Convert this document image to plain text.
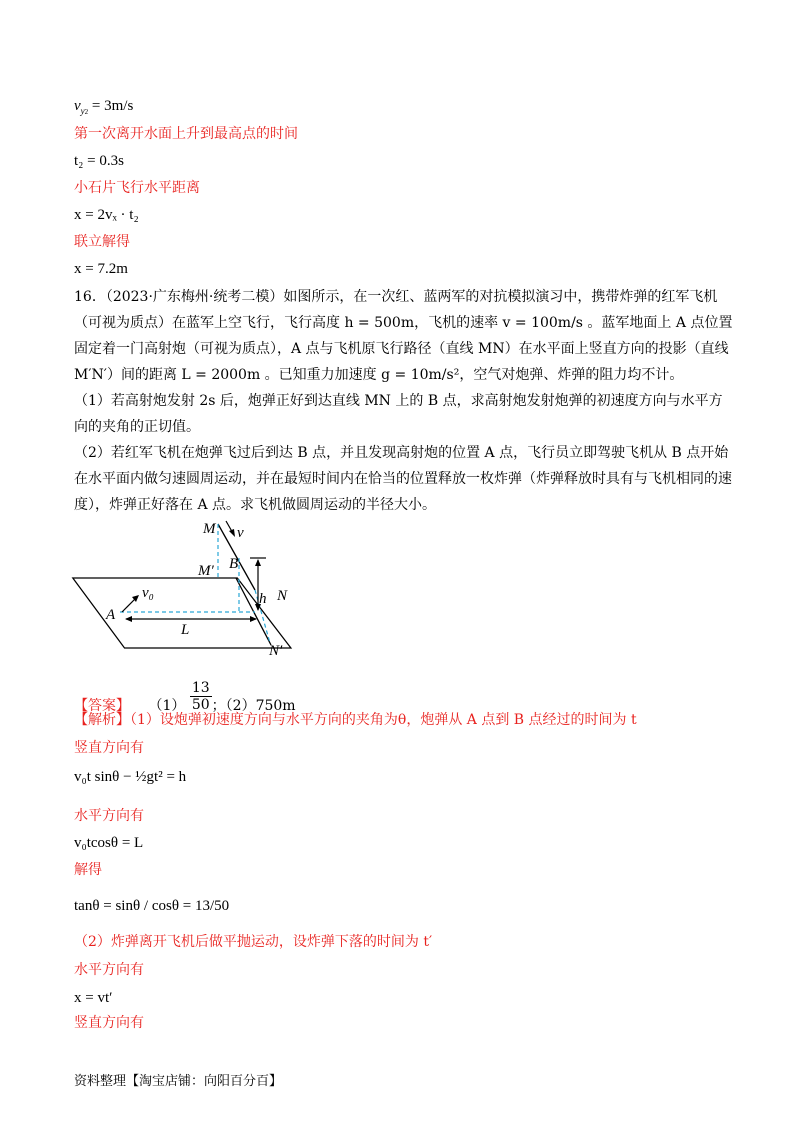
$v_{y2} = 3m/s$
第一次离开水面上升到最高点的时间
t₂ = 0.3s
小石片飞行水平距离
x = 2vₓ · t₂
联立解得
x = 7.2m
16．（2023·广东梅州·统考二模）如图所示，在一次红、蓝两军的对抗模拟演习中，携带炸弹的红军飞机（可视为质点）在蓝军上空飞行，飞行高度 h = 500m，飞机的速率 v = 100m/s 。蓝军地面上 A 点位置固定着一门高射炮（可视为质点），A 点与飞机原飞行路径（直线 MN）在水平面上竖直方向的投影（直线 M′N′）间的距离 L = 2000m 。已知重力加速度 g = 10m/s²，空气对炮弹、炸弹的阻力均不计。
（1）若高射炮发射 2s 后，炮弹正好到达直线 MN 上的 B 点，求高射炮发射炮弹的初速度方向与水平方向的夹角的正切值。
（2）若红军飞机在炮弹飞过后到达 B 点，并且发现高射炮的位置 A 点，飞行员立即驾驶飞机从 B 点开始在水平面内做匀速圆周运动，并在最短时间内在恰当的位置释放一枚炸弹（炸弹释放时具有与飞机相同的速度），炸弹正好落在 A 点。求飞机做圆周运动的半径大小。
M v
M′ B
h N
v₀
A
L
N′
【答案】 $(1) \frac{13}{50}$ ；（2）750m
【解析】（1）设炮弹初速度方向与水平方向的夹角为θ，炮弹从 A 点到 B 点经过的时间为 t
竖直方向有
v₀t sinθ − ½gt² = h
水平方向有
v₀tcosθ = L
解得
tanθ = sinθ / cosθ = 13/50
（2）炸弹离开飞机后做平抛运动，设炸弹下落的时间为 t′
水平方向有
x = vt′
竖直方向有
资料整理【淘宝店铺：向阳百分百】
